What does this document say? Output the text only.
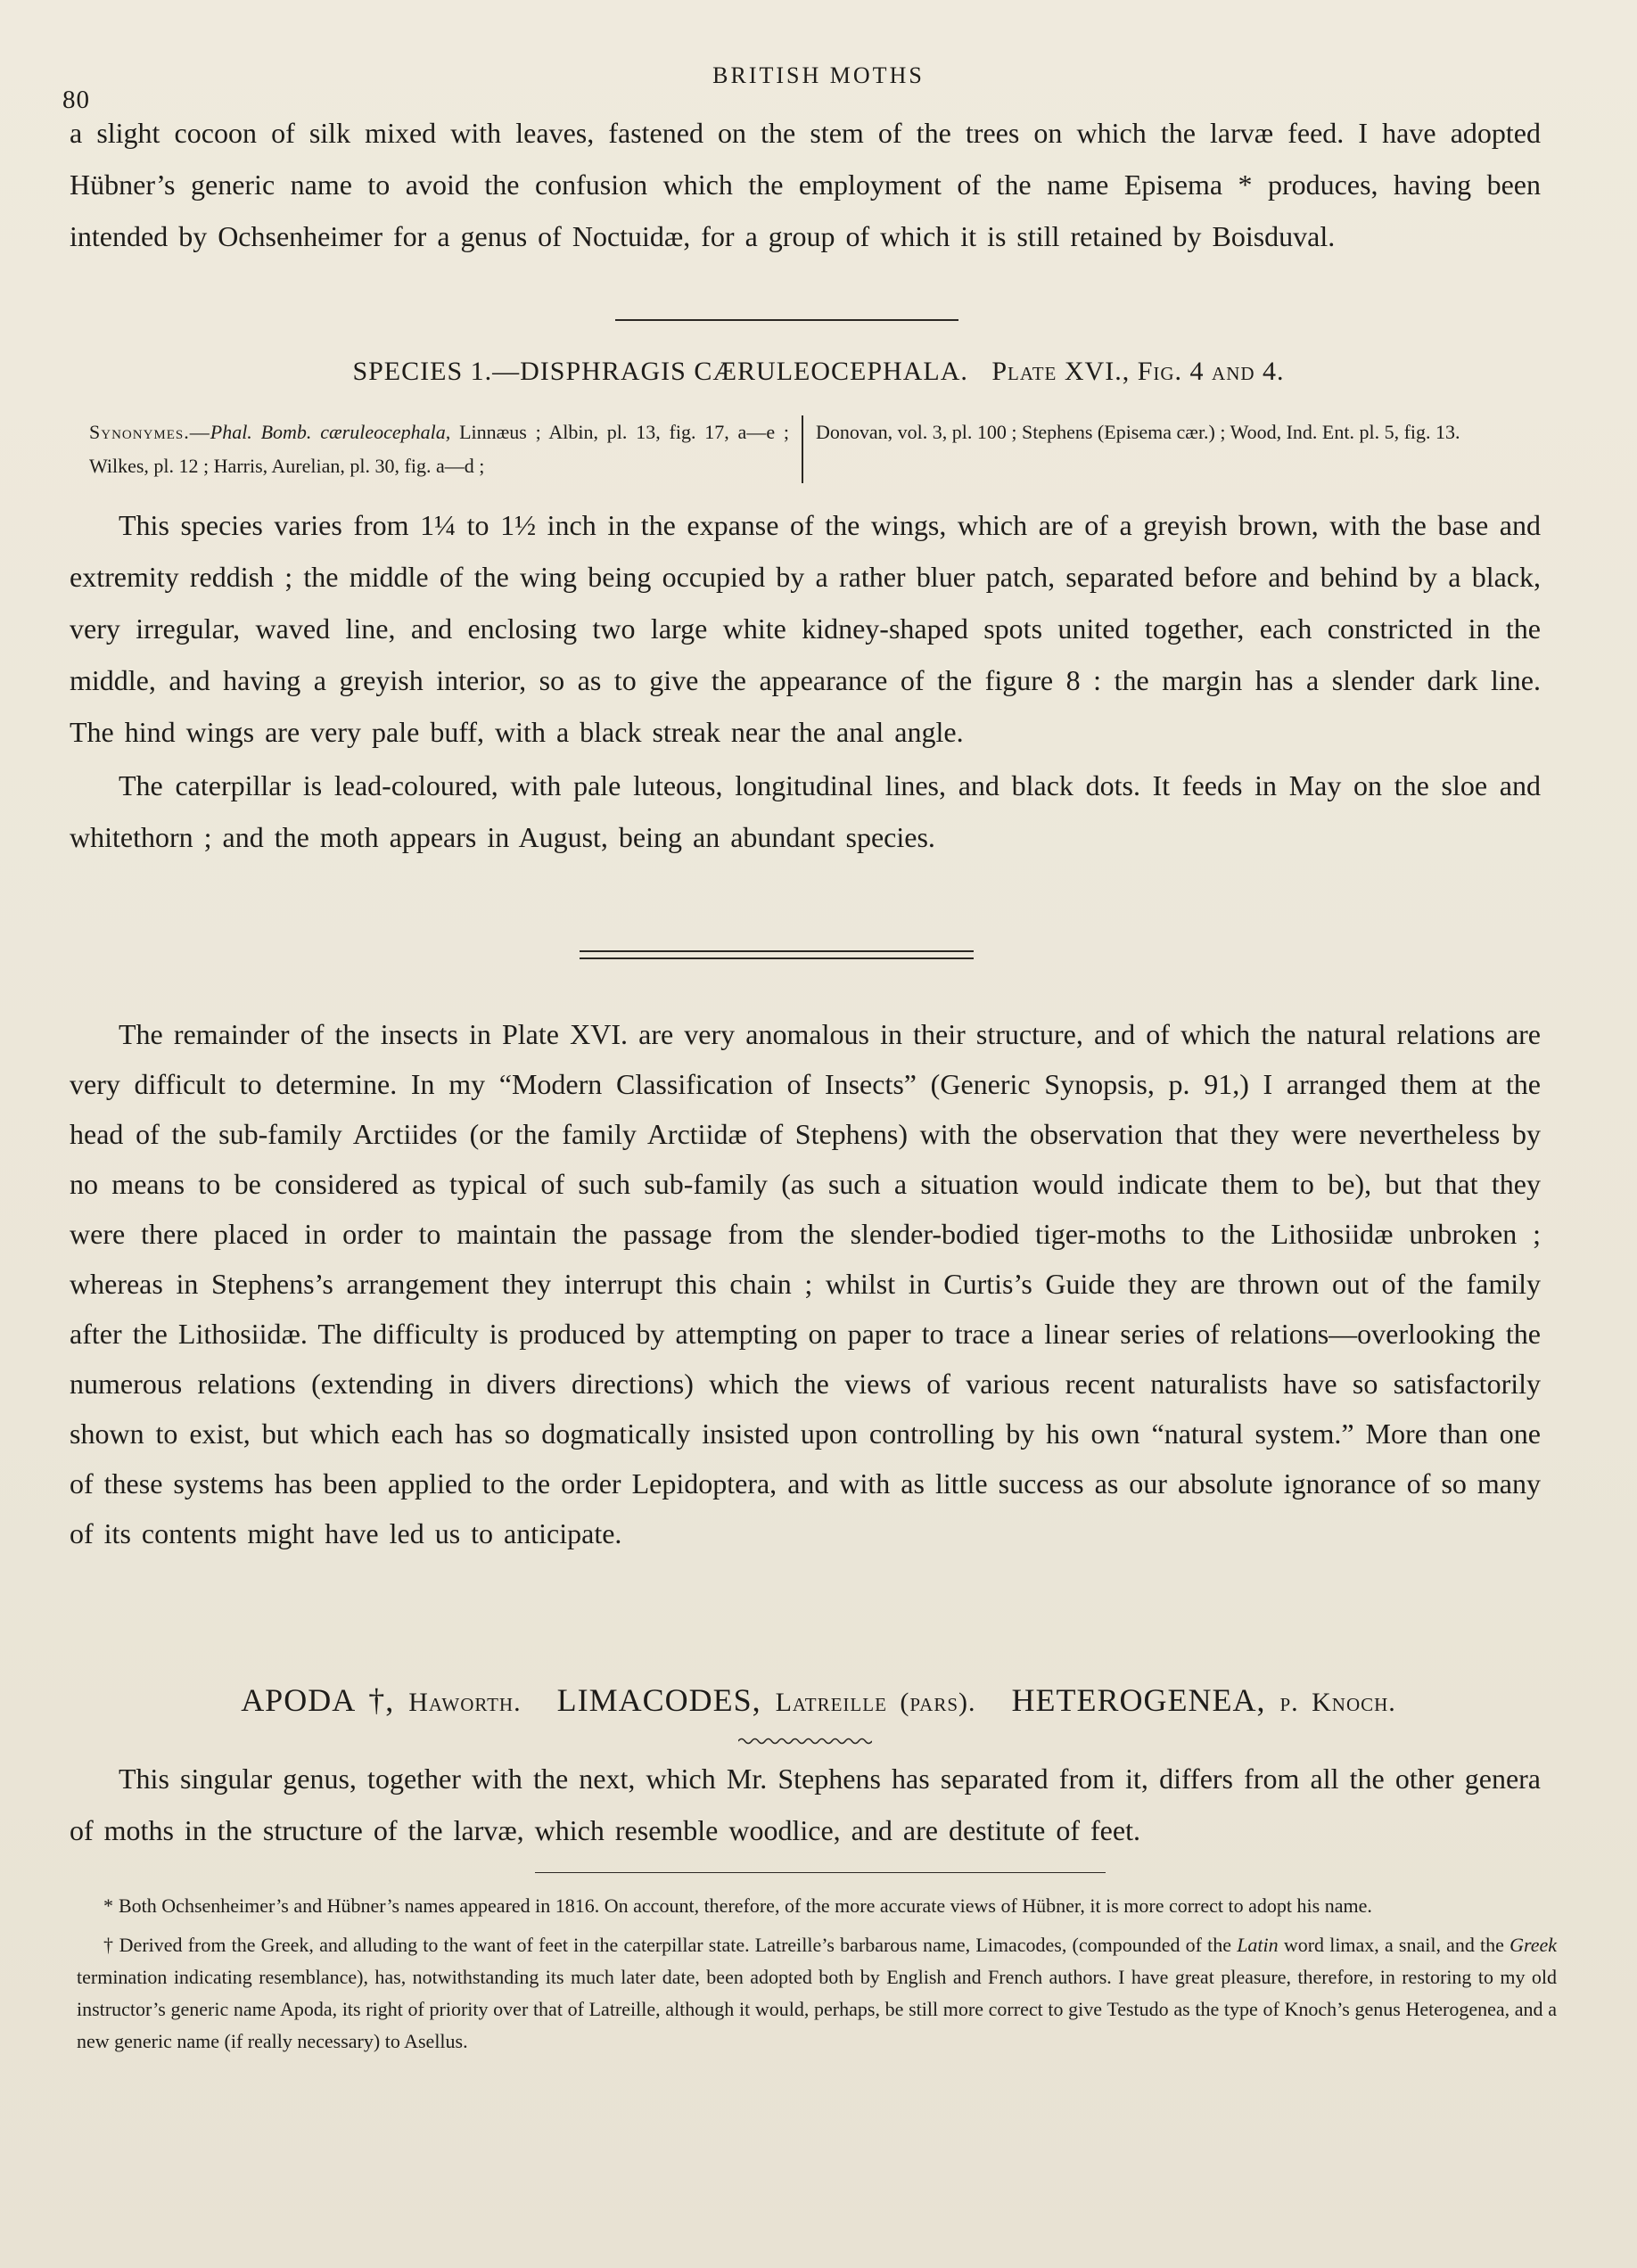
80
BRITISH MOTHS

a slight cocoon of silk mixed with leaves, fastened on the stem of the trees on which the larvæ feed. I have adopted Hübner’s generic name to avoid the confusion which the employment of the name Episema * produces, having been intended by Ochsenheimer for a genus of Noctuidæ, for a group of which it is still retained by Boisduval.

SPECIES 1.—DISPHRAGIS CÆRULEOCEPHALA. Plate XVI., Fig. 4 and 4.
Synonymes.—Phal. Bomb. cæruleocephala, Linnæus ; Albin, pl. 13, fig. 17, a—e ; Wilkes, pl. 12 ; Harris, Aurelian, pl. 30, fig. a—d ;
Donovan, vol. 3, pl. 100 ; Stephens (Episema cær.) ; Wood, Ind. Ent. pl. 5, fig. 13.

This species varies from 1¼ to 1½ inch in the expanse of the wings, which are of a greyish brown, with the base and extremity reddish ; the middle of the wing being occupied by a rather bluer patch, separated before and behind by a black, very irregular, waved line, and enclosing two large white kidney-shaped spots united together, each constricted in the middle, and having a greyish interior, so as to give the appearance of the figure 8 : the margin has a slender dark line. The hind wings are very pale buff, with a black streak near the anal angle.

The caterpillar is lead-coloured, with pale luteous, longitudinal lines, and black dots. It feeds in May on the sloe and whitethorn ; and the moth appears in August, being an abundant species.

The remainder of the insects in Plate XVI. are very anomalous in their structure, and of which the natural relations are very difficult to determine. In my “Modern Classification of Insects” (Generic Synopsis, p. 91,) I arranged them at the head of the sub-family Arctiides (or the family Arctiidæ of Stephens) with the observation that they were nevertheless by no means to be considered as typical of such sub-family (as such a situation would indicate them to be), but that they were there placed in order to maintain the passage from the slender-bodied tiger-moths to the Lithosiidæ unbroken ; whereas in Stephens’s arrangement they interrupt this chain ; whilst in Curtis’s Guide they are thrown out of the family after the Lithosiidæ. The difficulty is produced by attempting on paper to trace a linear series of relations—overlooking the numerous relations (extending in divers directions) which the views of various recent naturalists have so satisfactorily shown to exist, but which each has so dogmatically insisted upon controlling by his own “natural system.” More than one of these systems has been applied to the order Lepidoptera, and with as little success as our absolute ignorance of so many of its contents might have led us to anticipate.

APODA †, Haworth. LIMACODES, Latreille (pars). HETEROGENEA, p. Knoch.

This singular genus, together with the next, which Mr. Stephens has separated from it, differs from all the other genera of moths in the structure of the larvæ, which resemble woodlice, and are destitute of feet.

* Both Ochsenheimer’s and Hübner’s names appeared in 1816. On account, therefore, of the more accurate views of Hübner, it is more correct to adopt his name.

† Derived from the Greek, and alluding to the want of feet in the caterpillar state. Latreille’s barbarous name, Limacodes, (compounded of the Latin word limax, a snail, and the Greek termination indicating resemblance), has, notwithstanding its much later date, been adopted both by English and French authors. I have great pleasure, therefore, in restoring to my old instructor’s generic name Apoda, its right of priority over that of Latreille, although it would, perhaps, be still more correct to give Testudo as the type of Knoch’s genus Heterogenea, and a new generic name (if really necessary) to Asellus.
